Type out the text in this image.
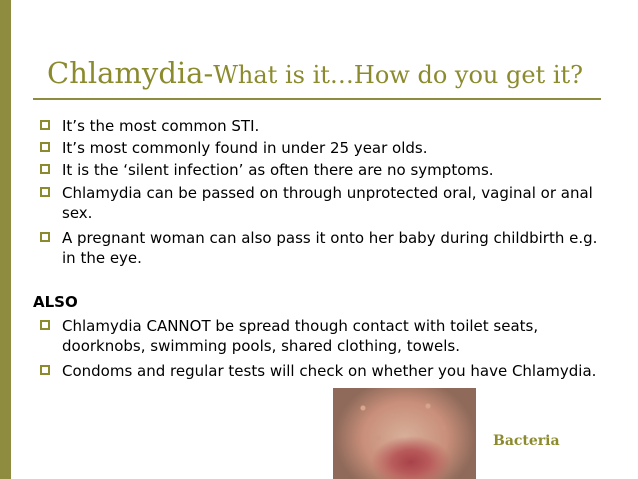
Chlamydia-What is it…How do you get it?
It’s the most common STI.
It’s most commonly found in under 25 year olds.
It is the ‘silent infection’ as often there are no symptoms.
Chlamydia can be passed on through unprotected oral, vaginal or anal sex.
A pregnant woman can also pass it onto her baby during childbirth e.g. in the eye.
ALSO
Chlamydia CANNOT be spread though contact with toilet seats, doorknobs, swimming pools, shared clothing, towels.
Condoms and regular tests will check on whether you have Chlamydia.

Bacteria
